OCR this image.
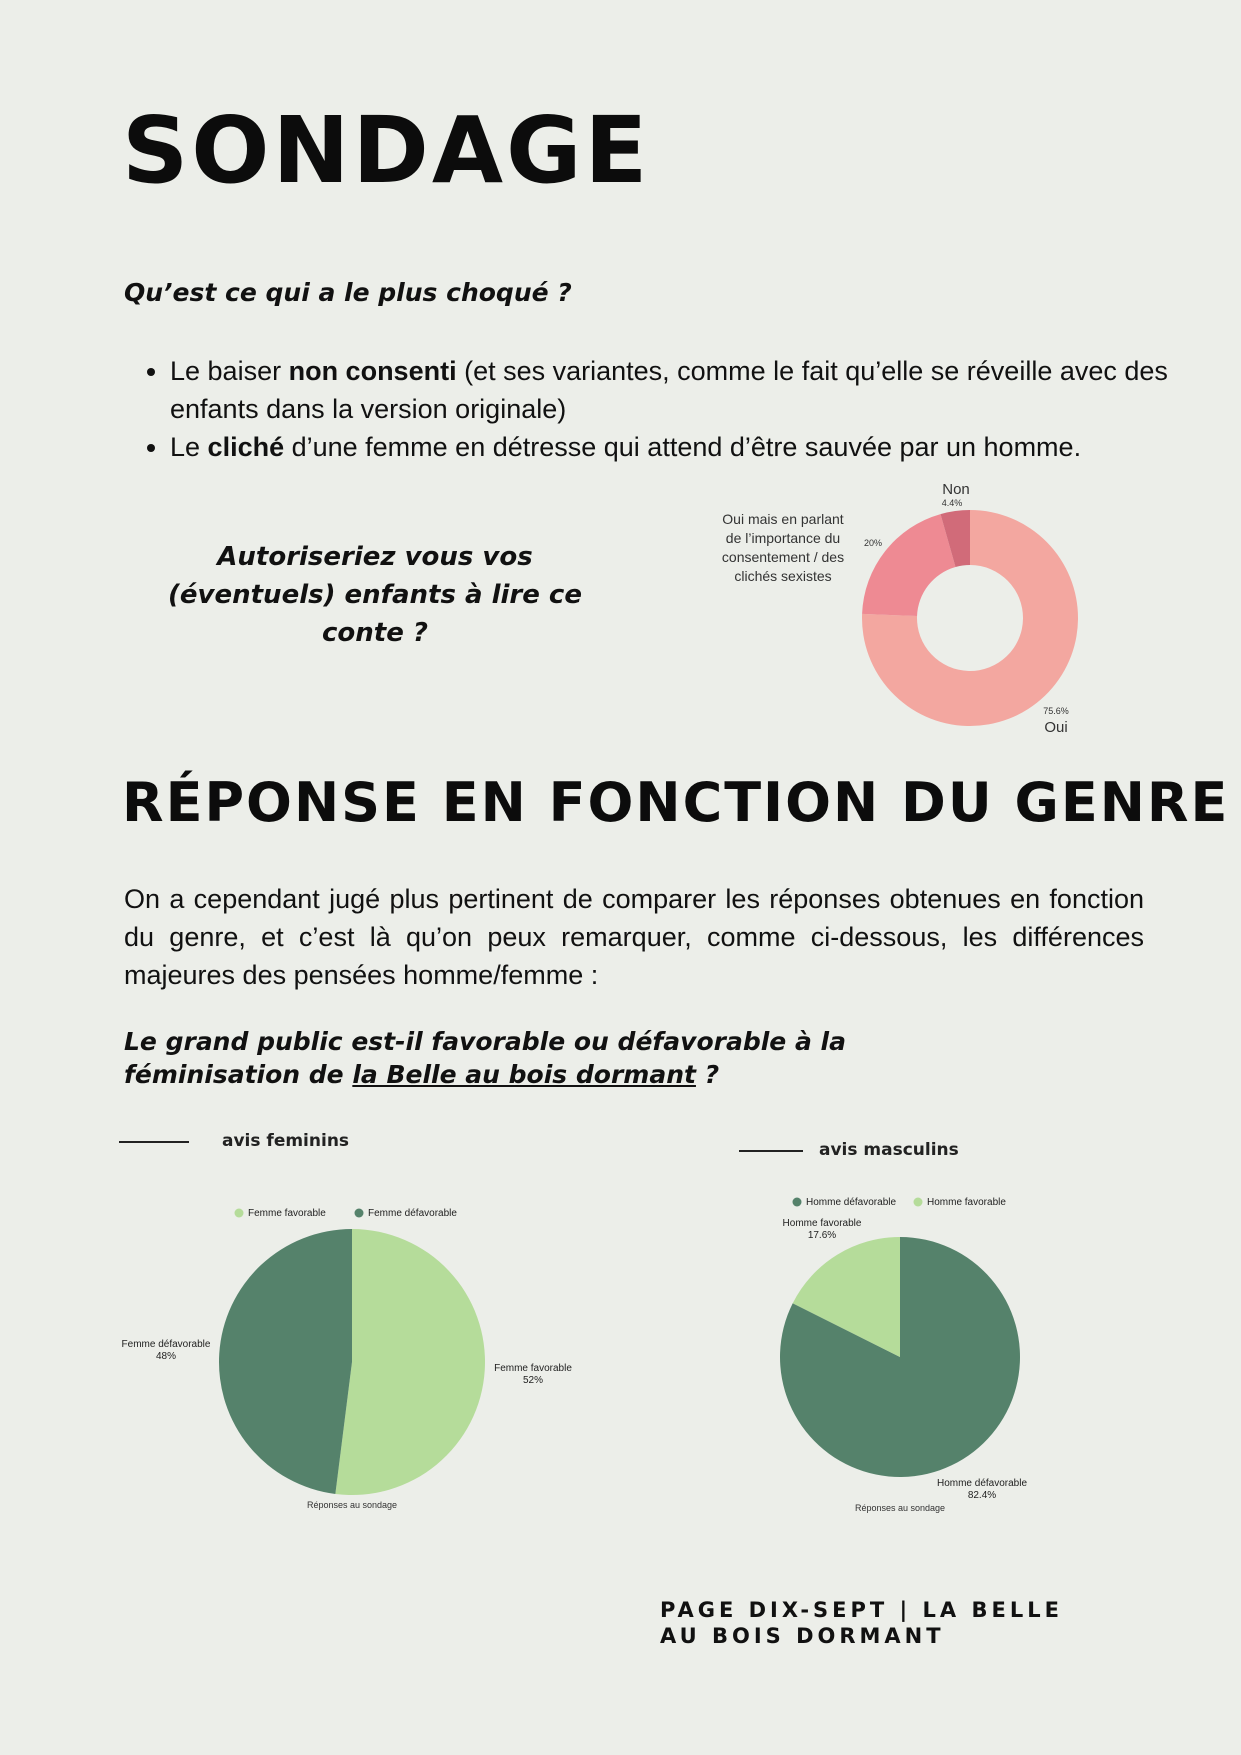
SONDAGE
Qu’est ce qui a le plus choqué ?
• Le baiser non consenti (et ses variantes, comme le fait qu’elle se réveille avec des enfants dans la version originale)
• Le cliché d’une femme en détresse qui attend d’être sauvée par un homme.
Autoriseriez vous vos (éventuels) enfants à lire ce conte ?
Non
4.4%
20%
75.6%
Oui
Oui mais en parlant de l’importance du consentement / des clichés sexistes
RÉPONSE EN FONCTION DU GENRE

On a cependant jugé plus pertinent de comparer les réponses obtenues en fonction du genre, et c’est là qu’on peux remarquer, comme ci-dessous, les différences majeures des pensées homme/femme :

Le grand public est-il favorable ou défavorable à la féminisation de la Belle au bois dormant ?
avis feminins	avis masculins
Femme favorable	Femme défavorable
Femme favorable
52%
Femme défavorable
48%
Réponses au sondage
Homme défavorable	Homme favorable
Homme défavorable
82.4%
Homme favorable
17.6%
Réponses au sondage
PAGE DIX-SEPT | LA BELLE AU BOIS DORMANT
